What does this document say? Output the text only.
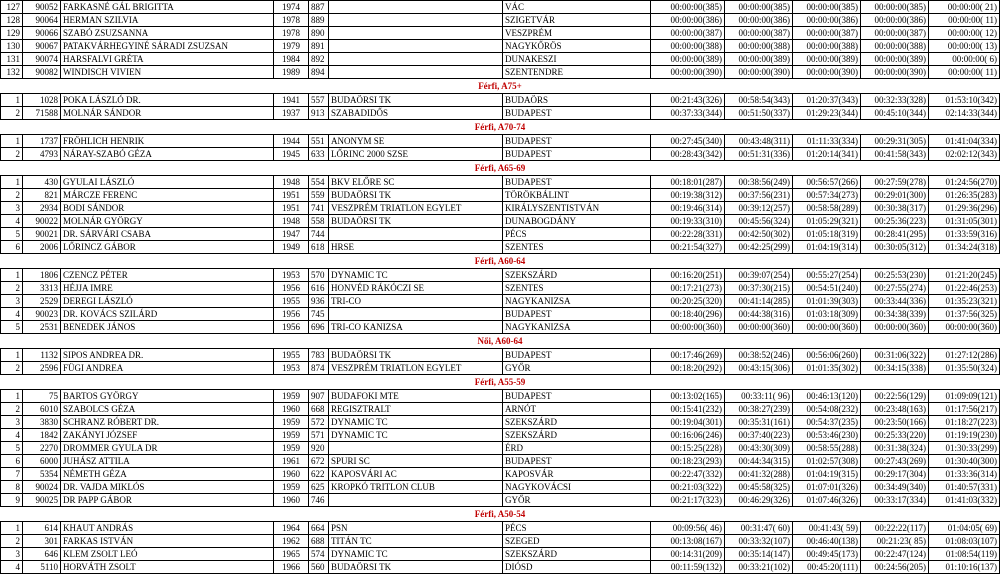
127	90052	FARKASNÉ GÁL BRIGITTA	1974	887		VÁC	00:00:00(385)	00:00:00(385)	00:00:00(385)	00:00:00(385)	00:00:00( 21)
128	90064	HERMAN SZILVIA	1978	889		SZIGETVÁR	00:00:00(386)	00:00:00(386)	00:00:00(386)	00:00:00(386)	00:00:00( 11)
129	90066	SZABÓ ZSUZSANNA	1978	890		VESZPRÉM	00:00:00(387)	00:00:00(387)	00:00:00(387)	00:00:00(387)	00:00:00( 12)
130	90067	PATAKVÁRHEGYINÉ SÁRADI ZSUZSAN	1979	891		NAGYKŐRÖS	00:00:00(388)	00:00:00(388)	00:00:00(388)	00:00:00(388)	00:00:00( 13)
131	90074	HARSFALVI GRÉTA	1984	892		DUNAKESZI	00:00:00(389)	00:00:00(389)	00:00:00(389)	00:00:00(389)	00:00:00( 6)
132	90082	WINDISCH VIVIEN	1989	894		SZENTENDRE	00:00:00(390)	00:00:00(390)	00:00:00(390)	00:00:00(390)	00:00:00( 11)
Férfi, A75+											
1	1028	POKA LÁSZLÓ DR.	1941	557	BUDAÖRSI TK	BUDAÖRS	00:21:43(326)	00:58:54(343)	01:20:37(343)	00:32:33(328)	01:53:10(342)
2	71588	MOLNÁR SÁNDOR	1937	913	SZABADIDŐS	BUDAPEST	00:37:33(344)	00:51:50(337)	01:29:23(344)	00:45:10(344)	02:14:33(344)
Férfi, A70-74											
1	1737	FRÖHLICH HENRIK	1944	551	ANONYM SE	BUDAPEST	00:27:45(340)	00:43:48(311)	01:11:33(334)	00:29:31(305)	01:41:04(334)
2	4793	NÁRAY-SZABÓ GÉZA	1945	633	LŐRINC 2000 SZSE	BUDAPEST	00:28:43(342)	00:51:31(336)	01:20:14(341)	00:41:58(343)	02:02:12(343)
Férfi, A65-69											
1	430	GYULAI LÁSZLÓ	1948	554	BKV ELŐRE SC	BUDAPEST	00:18:01(287)	00:38:56(249)	00:56:57(266)	00:27:59(278)	01:24:56(270)
2	821	MÁRCZE FERENC	1951	559	BUDAÖRSI TK	TÖRÖKBÁLINT	00:19:38(312)	00:37:56(231)	00:57:34(273)	00:29:01(300)	01:26:35(283)
3	2934	BODI SÁNDOR	1951	741	VESZPRÉM TRIATLON EGYLET	KIRÁLYSZENTISTVÁN	00:19:46(314)	00:39:12(257)	00:58:58(289)	00:30:38(317)	01:29:36(296)
4	90022	MOLNÁR GYÖRGY	1948	558	BUDAÖRSI TK	DUNABOGDÁNY	00:19:33(310)	00:45:56(324)	01:05:29(321)	00:25:36(223)	01:31:05(301)
5	90021	DR. SÁRVÁRI CSABA	1947	744		PÉCS	00:22:28(331)	00:42:50(302)	01:05:18(319)	00:28:41(295)	01:33:59(316)
6	2006	LŐRINCZ GÁBOR	1949	618	HRSE	SZENTES	00:21:54(327)	00:42:25(299)	01:04:19(314)	00:30:05(312)	01:34:24(318)
Férfi, A60-64											
1	1806	CZENCZ PÉTER	1953	570	DYNAMIC TC	SZEKSZÁRD	00:16:20(251)	00:39:07(254)	00:55:27(254)	00:25:53(230)	01:21:20(245)
2	3313	HÉJJA IMRE	1956	616	HONVÉD RÁKÓCZI SE	SZENTES	00:17:21(273)	00:37:30(215)	00:54:51(240)	00:27:55(274)	01:22:46(253)
3	2529	DEREGI LÁSZLÓ	1955	936	TRI-CO	NAGYKANIZSA	00:20:25(320)	00:41:14(285)	01:01:39(303)	00:33:44(336)	01:35:23(321)
4	90023	DR. KOVÁCS SZILÁRD	1956	745		BUDAPEST	00:18:40(296)	00:44:38(316)	01:03:18(309)	00:34:38(339)	01:37:56(325)
5	2531	BENEDEK JÁNOS	1956	696	TRI-CO KANIZSA	NAGYKANIZSA	00:00:00(360)	00:00:00(360)	00:00:00(360)	00:00:00(360)	00:00:00(360)
Női, A60-64											
1	1132	SIPOS ANDREA DR.	1955	783	BUDAÖRSI TK	BUDAPEST	00:17:46(269)	00:38:52(246)	00:56:06(260)	00:31:06(322)	01:27:12(286)
2	2596	FÜGI ANDREA	1953	874	VESZPRÉM TRIATLON EGYLET	GYŐR	00:18:20(292)	00:43:15(306)	01:01:35(302)	00:34:15(338)	01:35:50(324)
Férfi, A55-59											
1	75	BARTOS GYÖRGY	1959	907	BUDAFOKI MTE	BUDAPEST	00:13:02(165)	00:33:11( 96)	00:46:13(120)	00:22:56(129)	01:09:09(121)
2	6010	SZABOLCS GÉZA	1960	668	REGISZTRALT	ARNÓT	00:15:41(232)	00:38:27(239)	00:54:08(232)	00:23:48(163)	01:17:56(217)
3	3830	SCHRANZ RÓBERT DR.	1959	572	DYNAMIC TC	SZEKSZÁRD	00:19:04(301)	00:35:31(161)	00:54:37(235)	00:23:50(166)	01:18:27(223)
4	1842	ZAKÁNYI JÓZSEF	1959	571	DYNAMIC TC	SZEKSZÁRD	00:16:06(246)	00:37:40(223)	00:53:46(230)	00:25:33(220)	01:19:19(230)
5	2270	DROMMER GYULA DR	1959	920		ÉRD	00:15:25(228)	00:43:30(309)	00:58:55(288)	00:31:38(324)	01:30:33(299)
6	6000	JUHÁSZ ATTILA	1961	672	SPURI SC	BUDAPEST	00:18:23(293)	00:44:34(315)	01:02:57(308)	00:27:43(269)	01:30:40(300)
7	5354	NÉMETH GÉZA	1960	622	KAPOSVÁRI AC	KAPOSVÁR	00:22:47(332)	00:41:32(288)	01:04:19(315)	00:29:17(304)	01:33:36(314)
8	90024	DR. VAJDA MIKLÓS	1959	625	KROPKÓ TRITLON CLUB	NAGYKOVÁCSI	00:21:03(322)	00:45:58(325)	01:07:01(326)	00:34:49(340)	01:40:57(331)
9	90025	DR PAPP GÁBOR	1960	746		GYŐR	00:21:17(323)	00:46:29(326)	01:07:46(326)	00:33:17(334)	01:41:03(332)
Férfi, A50-54											
1	614	KHAUT ANDRÁS	1964	664	PSN	PÉCS	00:09:56( 46)	00:31:47( 60)	00:41:43( 59)	00:22:22(117)	01:04:05( 69)
2	301	FARKAS ISTVÁN	1962	688	TITÁN TC	SZEGED	00:13:08(167)	00:33:32(107)	00:46:40(138)	00:21:23( 85)	01:08:03(107)
3	646	KLEM ZSOLT LEÓ	1965	574	DYNAMIC TC	SZEKSZÁRD	00:14:31(209)	00:35:14(147)	00:49:45(173)	00:22:47(124)	01:08:54(119)
4	5110	HORVÁTH ZSOLT	1966	560	BUDAÖRSI TK	DIÓSD	00:11:59(132)	00:33:21(102)	00:45:20(111)	00:24:56(205)	01:10:16(137)
